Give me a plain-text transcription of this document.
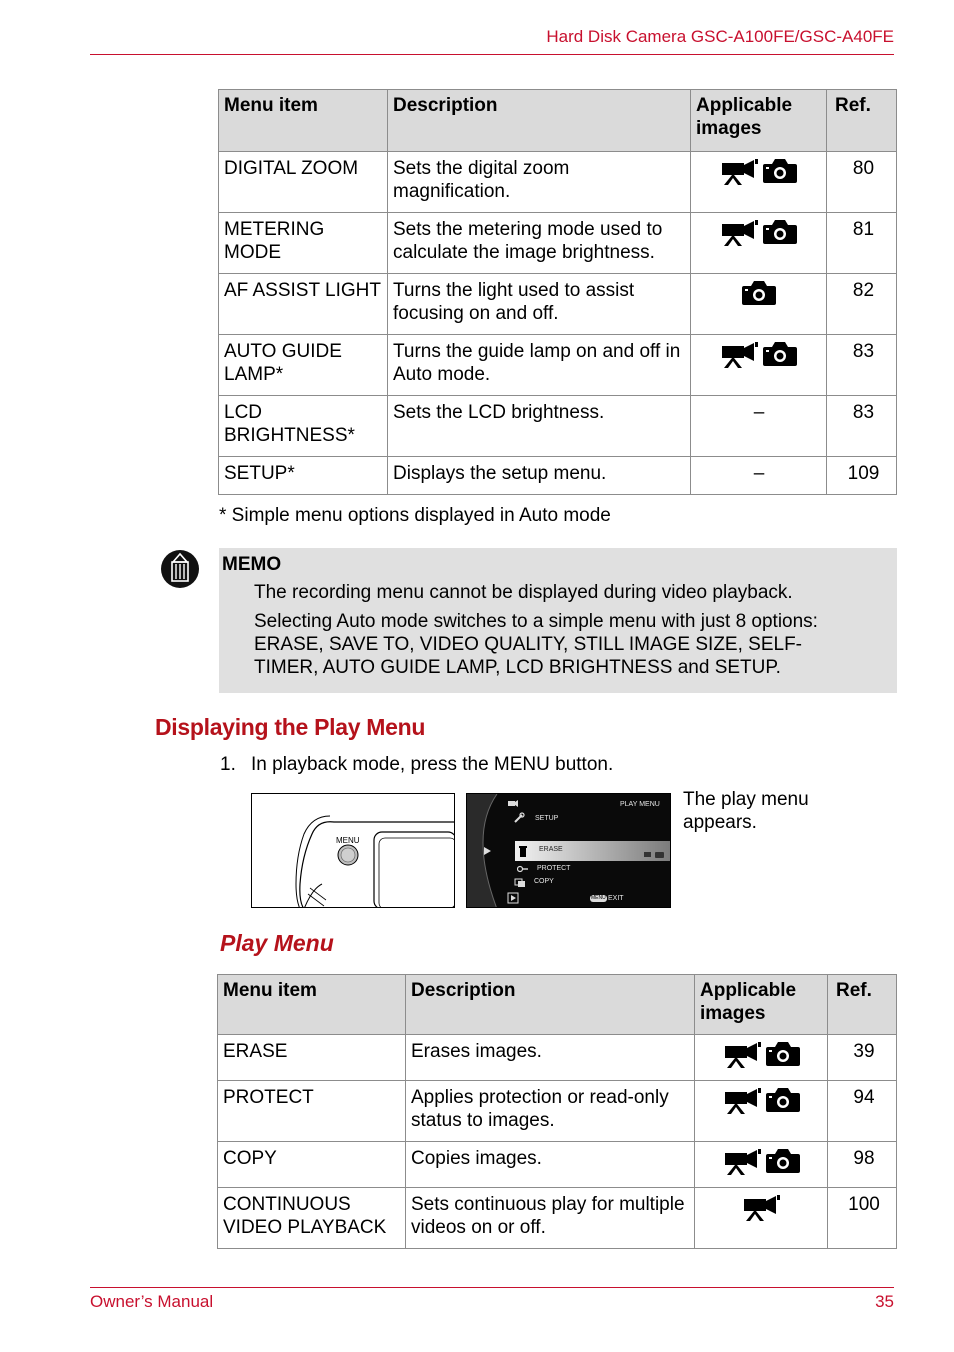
Hard Disk Camera GSC-A100FE/GSC-A40FE
Menu item	Description	Applicable images	Ref.
DIGITAL ZOOM	Sets the digital zoom magnification.		80
METERING MODE	Sets the metering mode used to calculate the image brightness.		81
AF ASSIST LIGHT	Turns the light used to assist focusing on and off.		82
AUTO GUIDE LAMP*	Turns the guide lamp on and off in Auto mode.		83
LCD BRIGHTNESS*	Sets the LCD brightness.	–	83
SETUP*	Displays the setup menu.	–	109
* Simple menu options displayed in Auto mode
MEMO
The recording menu cannot be displayed during video playback.
Selecting Auto mode switches to a simple menu with just 8 options: ERASE, SAVE TO, VIDEO QUALITY, STILL IMAGE SIZE, SELF-TIMER, AUTO GUIDE LAMP, LCD BRIGHTNESS and SETUP.
Displaying the Play Menu
1. In playback mode, press the MENU button.
MENU
PLAY MENU
SETUP
ERASE
PROTECT
COPY
MENU EXIT
The play menu appears.
Play Menu
Menu item	Description	Applicable images	Ref.
ERASE	Erases images.		39
PROTECT	Applies protection or read-only status to images.		94
COPY	Copies images.		98
CONTINUOUS VIDEO PLAYBACK	Sets continuous play for multiple videos on or off.		100
Owner’s Manual	35
